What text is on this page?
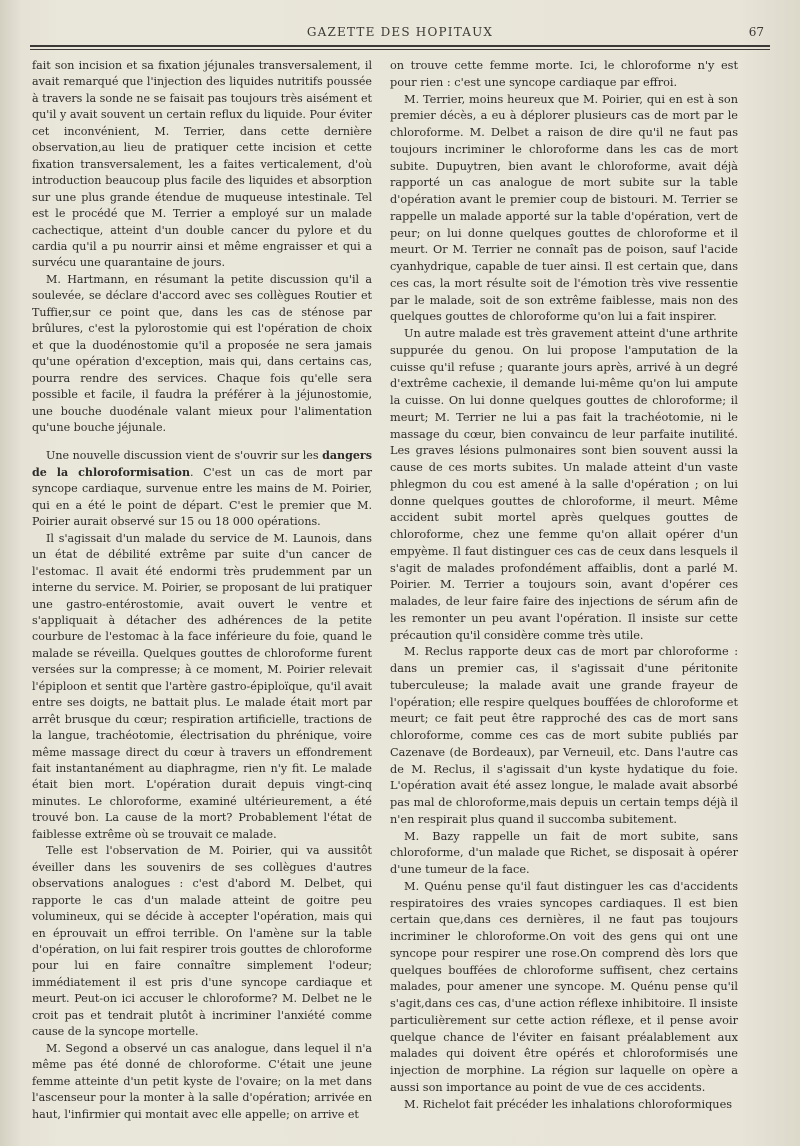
GAZETTE DES HOPITAUX	67

fait son incision et sa fixation jéjunales transversalement, il avait remarqué que l'injection des liquides nutritifs poussée à travers la sonde ne se faisait pas toujours très aisément et qu'il y avait souvent un certain reflux du liquide. Pour éviter cet inconvénient, M. Terrier, dans cette dernière observation,au lieu de pratiquer cette incision et cette fixation transversalement, les a faites verticalement, d'où introduction beaucoup plus facile des liquides et absorption sur une plus grande étendue de muqueuse intestinale. Tel est le procédé que M. Terrier a employé sur un malade cachectique, atteint d'un double cancer du pylore et du cardia qu'il a pu nourrir ainsi et même engraisser et qui a survécu une quarantaine de jours.

M. Hartmann, en résumant la petite discussion qu'il a soulevée, se déclare d'accord avec ses collègues Routier et Tuffier,sur ce point que, dans les cas de sténose par brûlures, c'est la pylorostomie qui est l'opération de choix et que la duodénostomie qu'il a proposée ne sera jamais qu'une opération d'exception, mais qui, dans certains cas, pourra rendre des services. Chaque fois qu'elle sera possible et facile, il faudra la préférer à la jéjunostomie, une bouche duodénale valant mieux pour l'alimentation qu'une bouche jéjunale.

Une nouvelle discussion vient de s'ouvrir sur les dangers de la chloroformisation. C'est un cas de mort par syncope cardiaque, survenue entre les mains de M. Poirier, qui en a été le point de départ. C'est le premier que M. Poirier aurait observé sur 15 ou 18 000 opérations.

Il s'agissait d'un malade du service de M. Launois, dans un état de débilité extrême par suite d'un cancer de l'estomac. Il avait été endormi très prudemment par un interne du service. M. Poirier, se proposant de lui pratiquer une gastro-entérostomie, avait ouvert le ventre et s'appliquait à détacher des adhérences de la petite courbure de l'estomac à la face inférieure du foie, quand le malade se réveilla. Quelques gouttes de chloroforme furent versées sur la compresse; à ce moment, M. Poirier relevait l'épiploon et sentit que l'artère gastro-épiploïque, qu'il avait entre ses doigts, ne battait plus. Le malade était mort par arrêt brusque du cœur; respiration artificielle, tractions de la langue, trachéotomie, électrisation du phrénique, voire même massage direct du cœur à travers un effondrement fait instantanément au diaphragme, rien n'y fit. Le malade était bien mort. L'opération durait depuis vingt-cinq minutes. Le chloroforme, examiné ultérieurement, a été trouvé bon. La cause de la mort? Probablement l'état de faiblesse extrême où se trouvait ce malade.

Telle est l'observation de M. Poirier, qui va aussitôt éveiller dans les souvenirs de ses collègues d'autres observations analogues : c'est d'abord M. Delbet, qui rapporte le cas d'un malade atteint de goitre peu volumineux, qui se décide à accepter l'opération, mais qui en éprouvait un effroi terrible. On l'amène sur la table d'opération, on lui fait respirer trois gouttes de chloroforme pour lui en faire connaître simplement l'odeur; immédiatement il est pris d'une syncope cardiaque et meurt. Peut-on ici accuser le chloroforme? M. Delbet ne le croit pas et tendrait plutôt à incriminer l'anxiété comme cause de la syncope mortelle.

M. Segond a observé un cas analogue, dans lequel il n'a même pas été donné de chloroforme. C'était une jeune femme atteinte d'un petit kyste de l'ovaire; on la met dans l'ascenseur pour la monter à la salle d'opération; arrivée en haut, l'infirmier qui montait avec elle appelle; on arrive et

on trouve cette femme morte. Ici, le chloroforme n'y est pour rien : c'est une syncope cardiaque par effroi.

M. Terrier, moins heureux que M. Poirier, qui en est à son premier décès, a eu à déplorer plusieurs cas de mort par le chloroforme. M. Delbet a raison de dire qu'il ne faut pas toujours incriminer le chloroforme dans les cas de mort subite. Dupuytren, bien avant le chloroforme, avait déjà rapporté un cas analogue de mort subite sur la table d'opération avant le premier coup de bistouri. M. Terrier se rappelle un malade apporté sur la table d'opération, vert de peur; on lui donne quelques gouttes de chloroforme et il meurt. Or M. Terrier ne connaît pas de poison, sauf l'acide cyanhydrique, capable de tuer ainsi. Il est certain que, dans ces cas, la mort résulte soit de l'émotion très vive ressentie par le malade, soit de son extrême faiblesse, mais non des quelques gouttes de chloroforme qu'on lui a fait inspirer.

Un autre malade est très gravement atteint d'une arthrite suppurée du genou. On lui propose l'amputation de la cuisse qu'il refuse ; quarante jours après, arrivé à un degré d'extrême cachexie, il demande lui-même qu'on lui ampute la cuisse. On lui donne quelques gouttes de chloroforme; il meurt; M. Terrier ne lui a pas fait la trachéotomie, ni le massage du cœur, bien convaincu de leur parfaite inutilité. Les graves lésions pulmonaires sont bien souvent aussi la cause de ces morts subites. Un malade atteint d'un vaste phlegmon du cou est amené à la salle d'opération ; on lui donne quelques gouttes de chloroforme, il meurt. Même accident subit mortel après quelques gouttes de chloroforme, chez une femme qu'on allait opérer d'un empyème. Il faut distinguer ces cas de ceux dans lesquels il s'agit de malades profondément affaiblis, dont a parlé M. Poirier. M. Terrier a toujours soin, avant d'opérer ces malades, de leur faire faire des injections de sérum afin de les remonter un peu avant l'opération. Il insiste sur cette précaution qu'il considère comme très utile.

M. Reclus rapporte deux cas de mort par chloroforme : dans un premier cas, il s'agissait d'une péritonite tuberculeuse; la malade avait une grande frayeur de l'opération; elle respire quelques bouffées de chloroforme et meurt; ce fait peut être rapproché des cas de mort sans chloroforme, comme ces cas de mort subite publiés par Cazenave (de Bordeaux), par Verneuil, etc. Dans l'autre cas de M. Reclus, il s'agissait d'un kyste hydatique du foie. L'opération avait été assez longue, le malade avait absorbé pas mal de chloroforme,mais depuis un certain temps déjà il n'en respirait plus quand il succomba subitement.

M. Bazy rappelle un fait de mort subite, sans chloroforme, d'un malade que Richet, se disposait à opérer d'une tumeur de la face.

M. Quénu pense qu'il faut distinguer les cas d'accidents respiratoires des vraies syncopes cardiaques. Il est bien certain que,dans ces dernières, il ne faut pas toujours incriminer le chloroforme.On voit des gens qui ont une syncope pour respirer une rose.On comprend dès lors que quelques bouffées de chloroforme suffisent, chez certains malades, pour amener une syncope. M. Quénu pense qu'il s'agit,dans ces cas, d'une action réflexe inhibitoire. Il insiste particulièrement sur cette action réflexe, et il pense avoir quelque chance de l'éviter en faisant préalablement aux malades qui doivent être opérés et chloroformisés une injection de morphine. La région sur laquelle on opère a aussi son importance au point de vue de ces accidents.

M. Richelot fait précéder les inhalations chloroformiques
